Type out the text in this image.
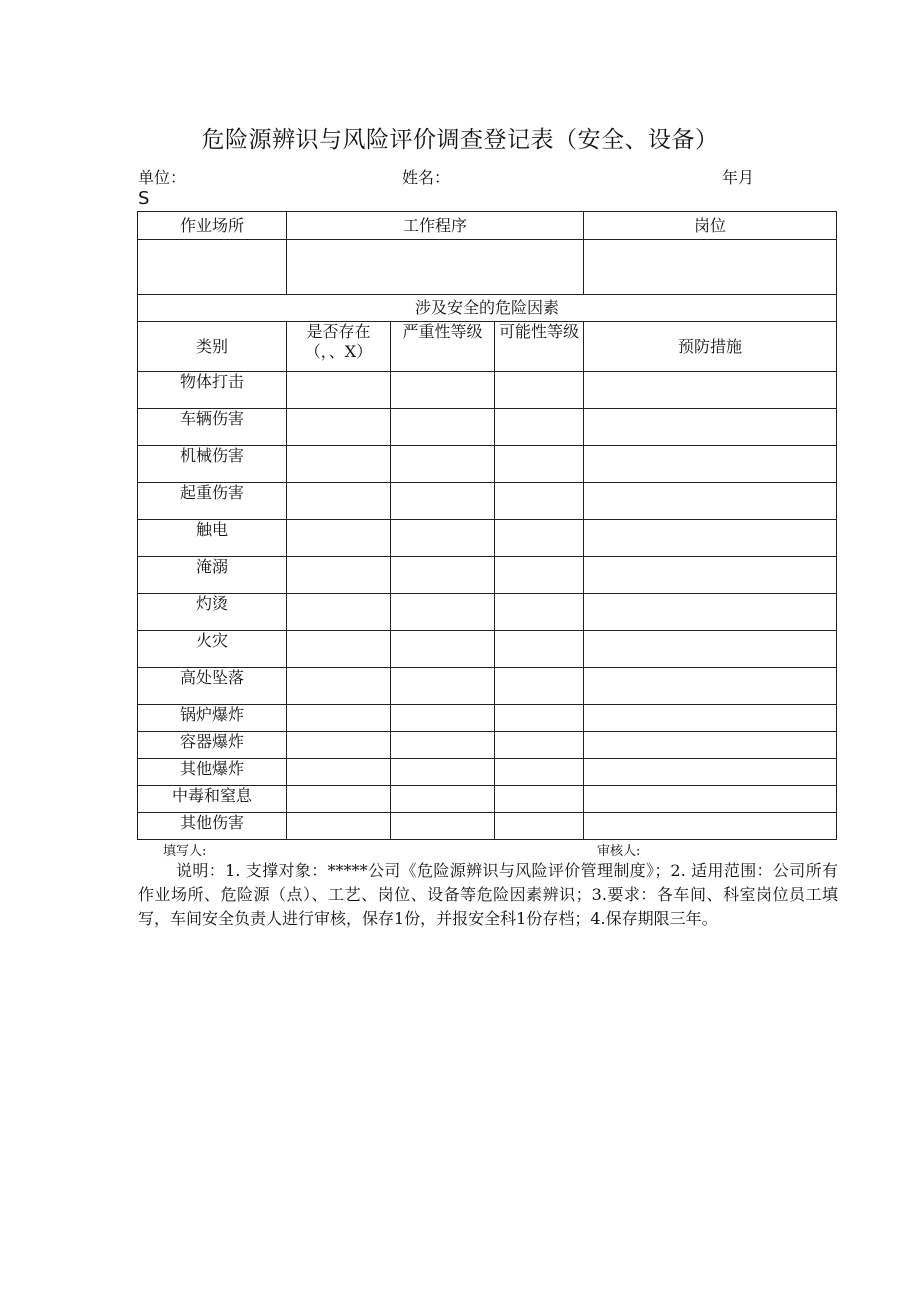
危险源辨识与风险评价调查登记表（安全、设备）
单位：	姓名：	年月
S
作业场所	工作程序			岗位

涉及安全的危险因素				
类别	是否存在（，、X）	严重性等级	可能性等级	预防措施
物体打击				
车辆伤害				
机械伤害				
起重伤害				
触电				
淹溺				
灼烫				
火灾				
高处坠落				
锅炉爆炸				
容器爆炸				
其他爆炸				
中毒和窒息				
其他伤害				
填写人:	审核人:
说明：1. 支撑对象：*****公司《危险源辨识与风险评价管理制度》；2. 适用范围：公司所有作业场所、危险源（点）、工艺、岗位、设备等危险因素辨识；3.要求：各车间、科室岗位员工填写，车间安全负责人进行审核，保存1份，并报安全科1份存档；4.保存期限三年。
